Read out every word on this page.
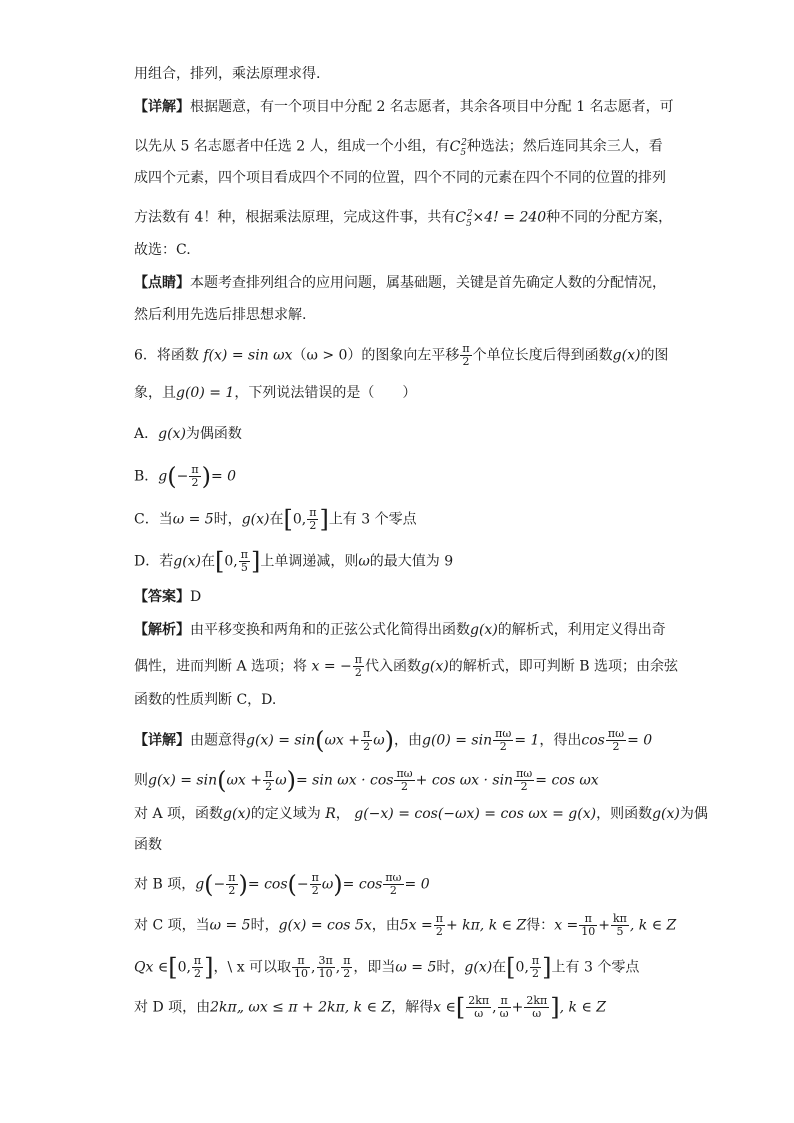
用组合，排列，乘法原理求得.
【详解】根据题意，有一个项目中分配 2 名志愿者，其余各项目中分配 1 名志愿者，可
以先从 5 名志愿者中任选 2 人，组成一个小组，有$C_5^2$种选法；然后连同其余三人，看
成四个元素，四个项目看成四个不同的位置，四个不同的元素在四个不同的位置的排列
方法数有 4！种，根据乘法原理，完成这件事，共有$C_5^2\times 4$! = 240种不同的分配方案，
故选：C.
【点睛】本题考查排列组合的应用问题，属基础题，关键是首先确定人数的分配情况，
然后利用先选后排思想求解.
6．将函数 f(x) = sin ωx（ω > 0）的图象向左平移 $\frac{\pi}{2}$ 个单位长度后得到函数g(x)的图
象，且g(0) = 1，下列说法错误的是（　　）
A．g(x)为偶函数
B．$g(- \frac{\pi}{2}$ )= 0
C．当ω = 5时，g(x)在[0, $\frac{\pi}{2}$ ]上有 3 个零点
D．若g(x)在[0, $\frac{\pi}{5}$ ]上单调递减，则ω的最大值为 9
【答案】D
【解析】由平移变换和两角和的正弦公式化简得出函数g(x)的解析式，利用定义得出奇
偶性，进而判断 A 选项；将 x = − $\frac{\pi}{2}$ 代入函数g(x)的解析式，即可判断 B 选项；由余弦
函数的性质判断 C，D.
【详解】由题意得$g(x) = \sin(\omega x + \frac{\pi}{2} \omega)$，由$g(0) = \sin \frac{\pi\omega}{2} = 1$，得出$\cos \frac{\pi\omega}{2} = 0$
则$g(x) = \sin(\omega x + \frac{\pi}{2} \omega)= \sin \omega x \cdot \cos \frac{\pi\omega}{2} + \cos \omega x \cdot \sin \frac{\pi\omega}{2} = \cos \omega x$
对 A 项，函数g(x)的定义域为 R， g(−x) = cos(−ωx) = cos ωx = g(x)，则函数g(x)为偶
函数
对 B 项，$g(- \frac{\pi}{2}$ )= $\cos(- \frac{\pi}{2} \omega)= \cos \frac{\pi\omega}{2} = 0$
对 C 项，当ω = 5时，g(x) = cos 5x，由$5x = \frac{\pi}{2} + k\pi$, k ∈ Z得：$x = \frac{\pi}{10} + \frac{k\pi}{5}$ , k ∈ Z
Qx ∈[0, $\frac{\pi}{2}$ ]，\ x 可以取 $\frac{\pi}{10}$ , $\frac{3\pi}{10}$ , $\frac{\pi}{2}$ ，即当ω = 5时，g(x)在[0, $\frac{\pi}{2}$ ]上有 3 个零点
对 D 项，由2kπ„ ωx ≤ π + 2kπ, k ∈ Z，解得x ∈[ $\frac{2k\pi}{\omega}$ , $\frac{\pi}{\omega} + \frac{2k\pi}{\omega}$ ], k ∈ Z
